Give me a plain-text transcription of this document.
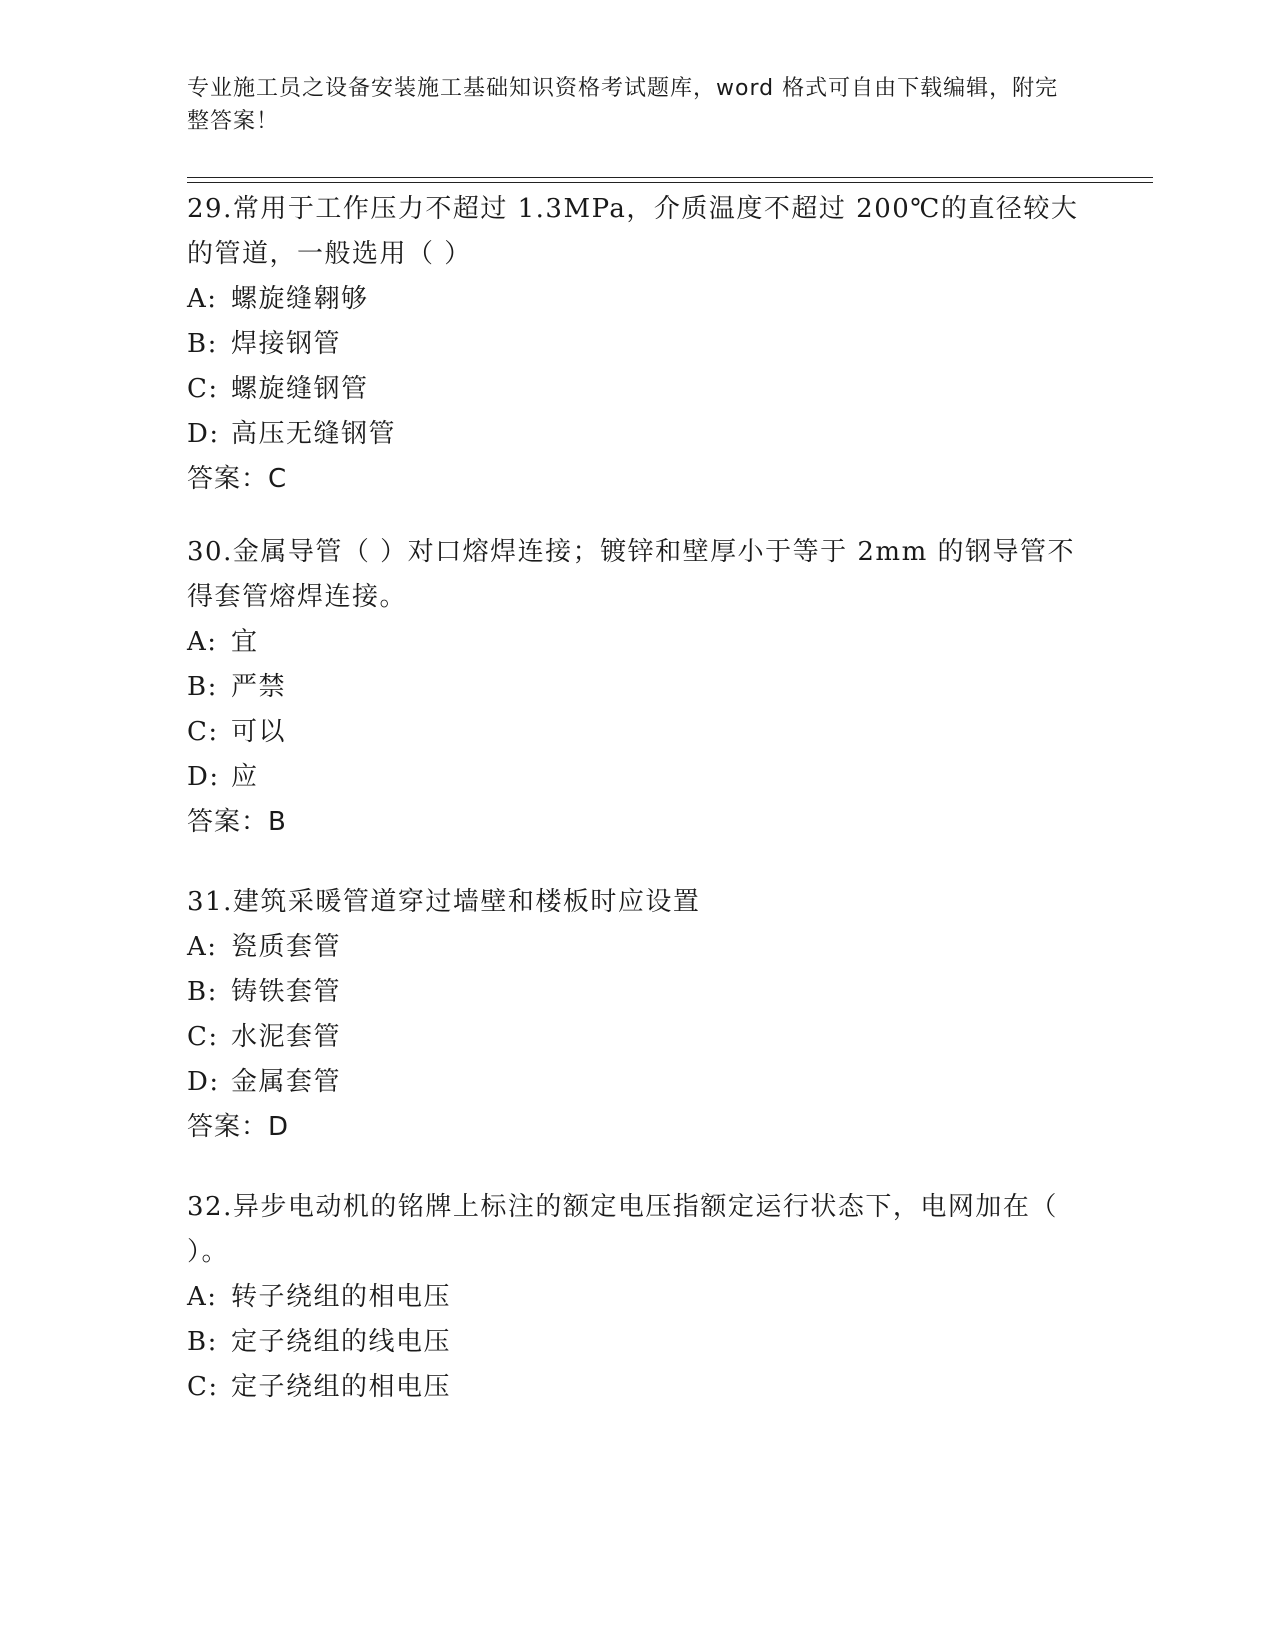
专业施工员之设备安装施工基础知识资格考试题库，word 格式可自由下载编辑，附完整答案！

29.常用于工作压力不超过 1.3MPa，介质温度不超过 200℃的直径较大的管道，一般选用（ ）

A: 螺旋缝翱够
B: 焊接钢管
C: 螺旋缝钢管
D: 高压无缝钢管
答案：C

30.金属导管（ ）对口熔焊连接；镀锌和壁厚小于等于 2mm 的钢导管不得套管熔焊连接。

A: 宜
B: 严禁
C: 可以
D: 应
答案：B

31.建筑采暖管道穿过墙壁和楼板时应设置

A: 瓷质套管
B: 铸铁套管
C: 水泥套管
D: 金属套管
答案：D

32.异步电动机的铭牌上标注的额定电压指额定运行状态下，电网加在（ ）。

A: 转子绕组的相电压
B: 定子绕组的线电压
C: 定子绕组的相电压
